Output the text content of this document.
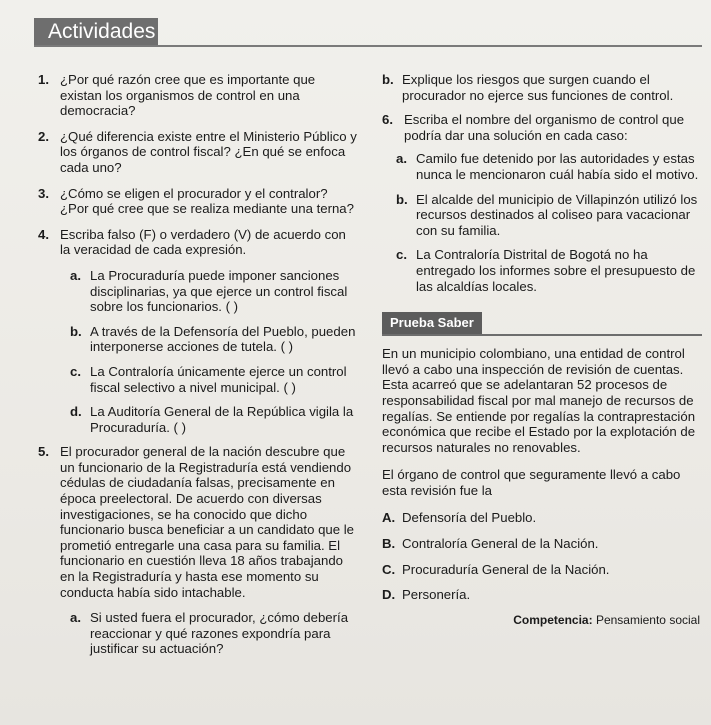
Actividades
1. ¿Por qué razón cree que es importante que existan los organismos de control en una democracia?
2. ¿Qué diferencia existe entre el Ministerio Público y los órganos de control fiscal? ¿En qué se enfoca cada uno?
3. ¿Cómo se eligen el procurador y el contralor? ¿Por qué cree que se realiza mediante una terna?
4. Escriba falso (F) o verdadero (V) de acuerdo con la veracidad de cada expresión.
a. La Procuraduría puede imponer sanciones disciplinarias, ya que ejerce un control fiscal sobre los funcionarios. ( )
b. A través de la Defensoría del Pueblo, pueden interponerse acciones de tutela. ( )
c. La Contraloría únicamente ejerce un control fiscal selectivo a nivel municipal. ( )
d. La Auditoría General de la República vigila la Procuraduría. ( )
5. El procurador general de la nación descubre que un funcionario de la Registraduría está vendiendo cédulas de ciudadanía falsas, precisamente en época preelectoral. De acuerdo con diversas investigaciones, se ha conocido que dicho funcionario busca beneficiar a un candidato que le prometió entregarle una casa para su familia. El funcionario en cuestión lleva 18 años trabajando en la Registraduría y hasta ese momento su conducta había sido intachable.
a. Si usted fuera el procurador, ¿cómo debería reaccionar y qué razones expondría para justificar su actuación?
b. Explique los riesgos que surgen cuando el procurador no ejerce sus funciones de control.
6. Escriba el nombre del organismo de control que podría dar una solución en cada caso:
a. Camilo fue detenido por las autoridades y estas nunca le mencionaron cuál había sido el motivo.
b. El alcalde del municipio de Villapinzón utilizó los recursos destinados al coliseo para vacacionar con su familia.
c. La Contraloría Distrital de Bogotá no ha entregado los informes sobre el presupuesto de las alcaldías locales.
Prueba Saber
En un municipio colombiano, una entidad de control llevó a cabo una inspección de revisión de cuentas. Esta acarreó que se adelantaran 52 procesos de responsabilidad fiscal por mal manejo de recursos de regalías. Se entiende por regalías la contraprestación económica que recibe el Estado por la explotación de recursos naturales no renovables.
El órgano de control que seguramente llevó a cabo esta revisión fue la
A. Defensoría del Pueblo.
B. Contraloría General de la Nación.
C. Procuraduría General de la Nación.
D. Personería.
Competencia: Pensamiento social
